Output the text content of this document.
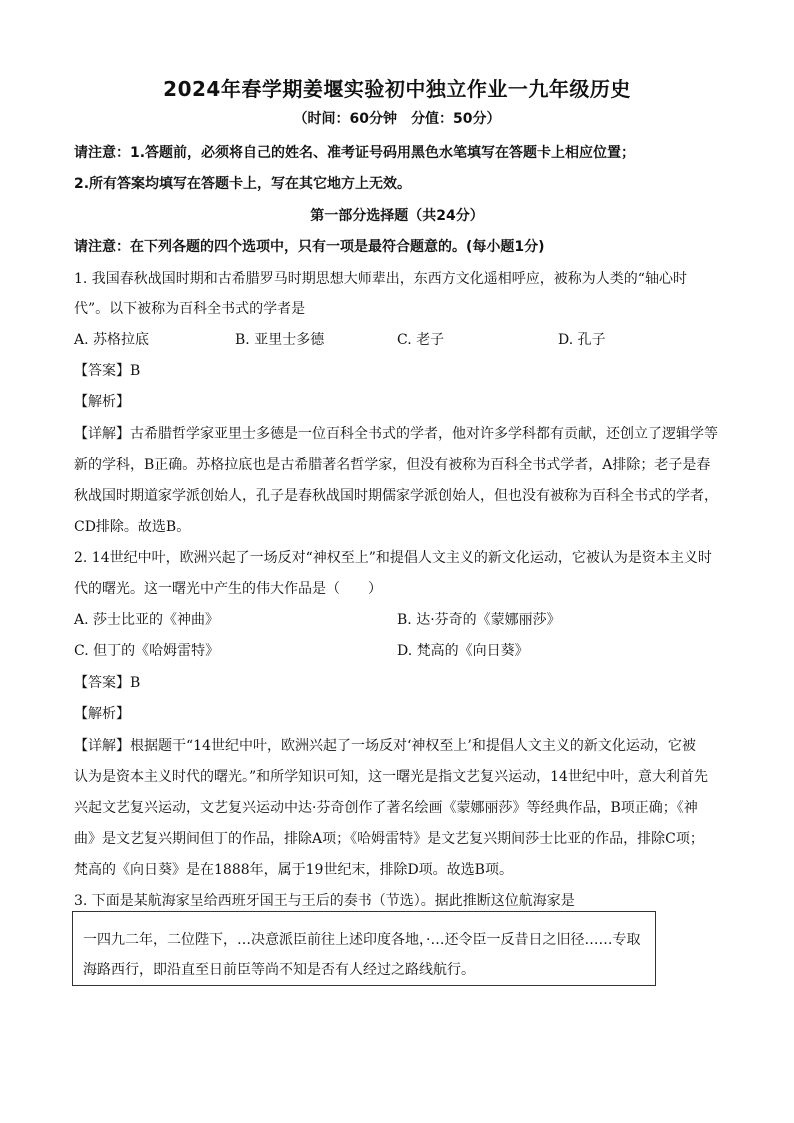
2024年春学期姜堰实验初中独立作业一九年级历史
（时间：60分钟　分值：50分）
请注意：1.答题前，必须将自己的姓名、准考证号码用黑色水笔填写在答题卡上相应位置；
2.所有答案均填写在答题卡上，写在其它地方上无效。
第一部分选择题（共24分）
请注意：在下列各题的四个选项中，只有一项是最符合题意的。(每小题1分)
1. 我国春秋战国时期和古希腊罗马时期思想大师辈出，东西方文化遥相呼应，被称为人类的“轴心时
代”。以下被称为百科全书式的学者是
A. 苏格拉底	B. 亚里士多德	C. 老子	D. 孔子
【答案】B
【解析】
【详解】古希腊哲学家亚里士多德是一位百科全书式的学者，他对许多学科都有贡献，还创立了逻辑学等
新的学科，B正确。苏格拉底也是古希腊著名哲学家，但没有被称为百科全书式学者，A排除；老子是春
秋战国时期道家学派创始人，孔子是春秋战国时期儒家学派创始人，但也没有被称为百科全书式的学者，
CD排除。故选B。
2. 14世纪中叶，欧洲兴起了一场反对“神权至上”和提倡人文主义的新文化运动，它被认为是资本主义时
代的曙光。这一曙光中产生的伟大作品是（　　）
A. 莎士比亚的《神曲》	B. 达·芬奇的《蒙娜丽莎》
C. 但丁的《哈姆雷特》	D. 梵高的《向日葵》
【答案】B
【解析】
【详解】根据题干“14世纪中叶，欧洲兴起了一场反对‘神权至上’和提倡人文主义的新文化运动，它被
认为是资本主义时代的曙光。”和所学知识可知，这一曙光是指文艺复兴运动，14世纪中叶，意大利首先
兴起文艺复兴运动，文艺复兴运动中达·芬奇创作了著名绘画《蒙娜丽莎》等经典作品，B项正确；《神
曲》是文艺复兴期间但丁的作品，排除A项；《哈姆雷特》是文艺复兴期间莎士比亚的作品，排除C项；
梵高的《向日葵》是在1888年，属于19世纪末，排除D项。故选B项。
3. 下面是某航海家呈给西班牙国王与王后的奏书（节选）。据此推断这位航海家是
一四九二年，二位陛下，…决意派臣前往上述印度各地，·…还令臣一反昔日之旧径……专取
海路西行，即沿直至日前臣等尚不知是否有人经过之路线航行。
